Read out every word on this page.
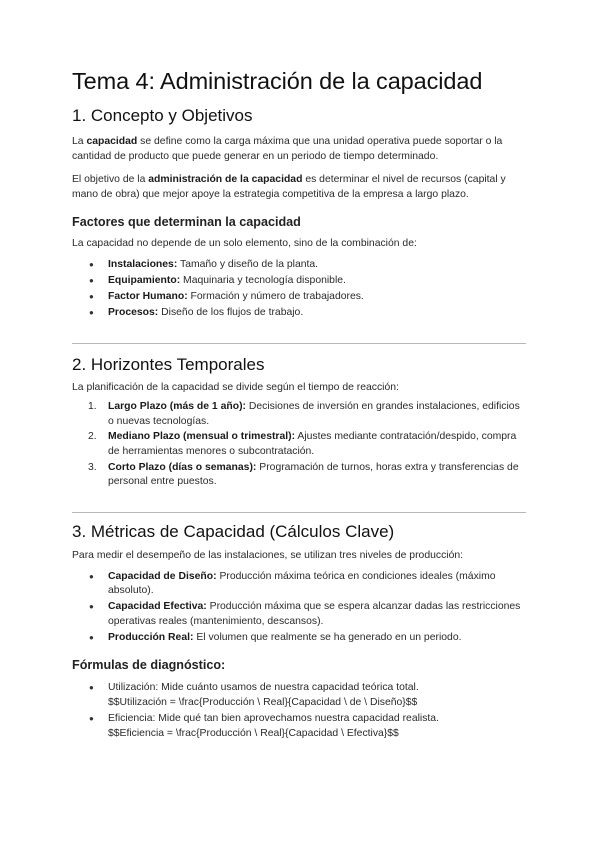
Tema 4: Administración de la capacidad
1. Concepto y Objetivos

La capacidad se define como la carga máxima que una unidad operativa puede soportar o la cantidad de producto que puede generar en un periodo de tiempo determinado.

El objetivo de la administración de la capacidad es determinar el nivel de recursos (capital y mano de obra) que mejor apoye la estrategia competitiva de la empresa a largo plazo.

Factores que determinan la capacidad

La capacidad no depende de un solo elemento, sino de la combinación de:

● Instalaciones: Tamaño y diseño de la planta.
● Equipamiento: Maquinaria y tecnología disponible.
● Factor Humano: Formación y número de trabajadores.
● Procesos: Diseño de los flujos de trabajo.
2. Horizontes Temporales

La planificación de la capacidad se divide según el tiempo de reacción:

1. Largo Plazo (más de 1 año): Decisiones de inversión en grandes instalaciones, edificios o nuevas tecnologías.
2. Mediano Plazo (mensual o trimestral): Ajustes mediante contratación/despido, compra de herramientas menores o subcontratación.
3. Corto Plazo (días o semanas): Programación de turnos, horas extra y transferencias de personal entre puestos.
3. Métricas de Capacidad (Cálculos Clave)

Para medir el desempeño de las instalaciones, se utilizan tres niveles de producción:

● Capacidad de Diseño: Producción máxima teórica en condiciones ideales (máximo absoluto).
● Capacidad Efectiva: Producción máxima que se espera alcanzar dadas las restricciones operativas reales (mantenimiento, descansos).
● Producción Real: El volumen que realmente se ha generado en un periodo.
Fórmulas de diagnóstico:
● Utilización: Mide cuánto usamos de nuestra capacidad teórica total.
$$Utilización = \frac{Producción \ Real}{Capacidad \ de \ Diseño}$$
● Eficiencia: Mide qué tan bien aprovechamos nuestra capacidad realista.
$$Eficiencia = \frac{Producción \ Real}{Capacidad \ Efectiva}$$
